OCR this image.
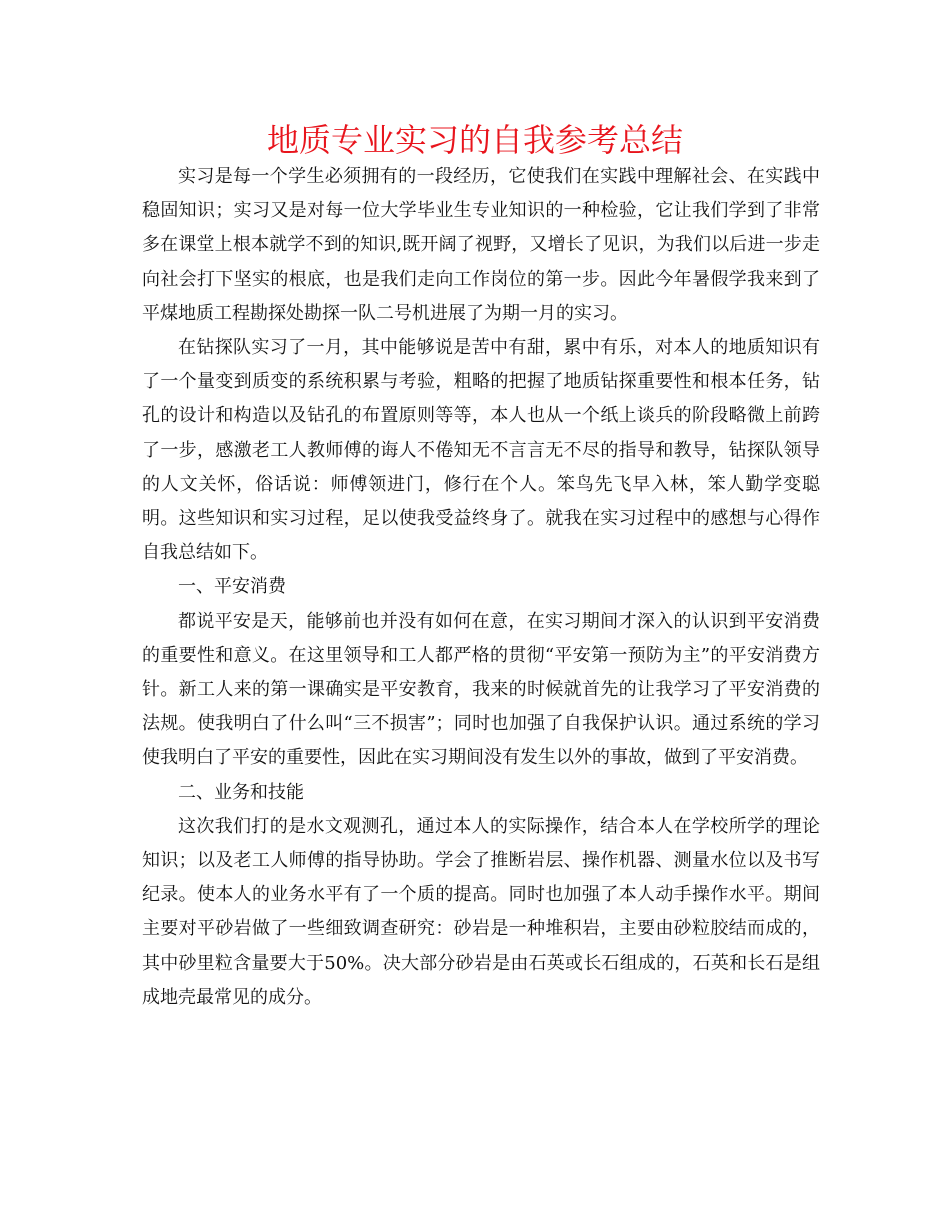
地质专业实习的自我参考总结

实习是每一个学生必须拥有的一段经历，它使我们在实践中理解社会、在实践中稳固知识；实习又是对每一位大学毕业生专业知识的一种检验，它让我们学到了非常多在课堂上根本就学不到的知识,既开阔了视野，又增长了见识，为我们以后进一步走向社会打下坚实的根底，也是我们走向工作岗位的第一步。因此今年暑假学我来到了平煤地质工程勘探处勘探一队二号机进展了为期一月的实习。

在钻探队实习了一月，其中能够说是苦中有甜，累中有乐，对本人的地质知识有了一个量变到质变的系统积累与考验，粗略的把握了地质钻探重要性和根本任务，钻孔的设计和构造以及钻孔的布置原则等等，本人也从一个纸上谈兵的阶段略微上前跨了一步，感激老工人教师傅的诲人不倦知无不言言无不尽的指导和教导，钻探队领导的人文关怀，俗话说：师傅领进门，修行在个人。笨鸟先飞早入林，笨人勤学变聪明。这些知识和实习过程，足以使我受益终身了。就我在实习过程中的感想与心得作自我总结如下。

一、平安消费

都说平安是天，能够前也并没有如何在意，在实习期间才深入的认识到平安消费的重要性和意义。在这里领导和工人都严格的贯彻“平安第一预防为主”的平安消费方针。新工人来的第一课确实是平安教育，我来的时候就首先的让我学习了平安消费的法规。使我明白了什么叫“三不损害”；同时也加强了自我保护认识。通过系统的学习使我明白了平安的重要性，因此在实习期间没有发生以外的事故，做到了平安消费。

二、业务和技能

这次我们打的是水文观测孔，通过本人的实际操作，结合本人在学校所学的理论知识；以及老工人师傅的指导协助。学会了推断岩层、操作机器、测量水位以及书写纪录。使本人的业务水平有了一个质的提高。同时也加强了本人动手操作水平。期间主要对平砂岩做了一些细致调查研究：砂岩是一种堆积岩，主要由砂粒胶结而成的，其中砂里粒含量要大于50%。决大部分砂岩是由石英或长石组成的，石英和长石是组成地壳最常见的成分。
